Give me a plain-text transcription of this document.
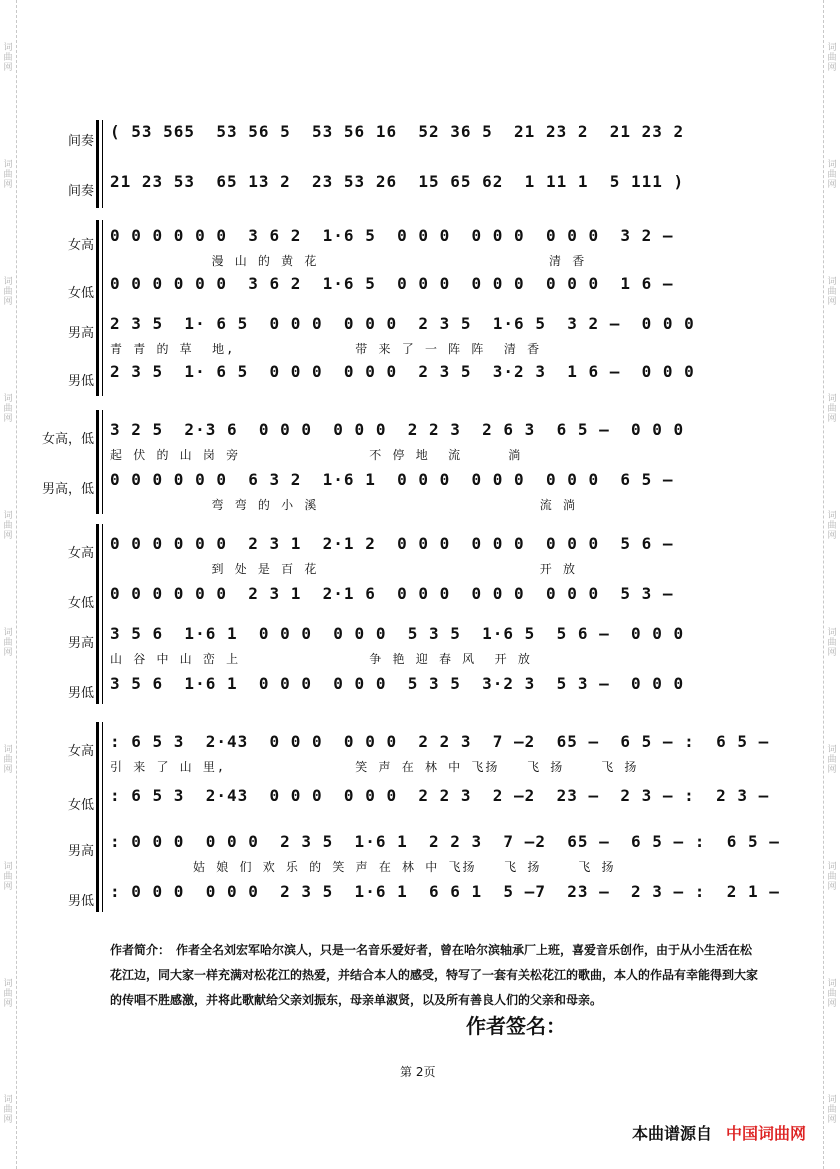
词曲网
词曲网
词曲网
词曲网
词曲网
词曲网
词曲网
词曲网
词曲网
词曲网
词曲网
词曲网
词曲网
词曲网
词曲网
词曲网
词曲网
词曲网
词曲网
词曲网
间奏
( 53 565  53 56 5  53 56 16  52 36 5  21 23 2  21 23 2
间奏
21 23 53  65 13 2  23 53 26  15 65 62  1 11 1  5 111 )
女高
0 0 0 0 0 0  3 6 2  1·6 5  0 0 0  0 0 0  0 0 0  3 2 –
漫 山 的 黄 花                         清 香
女低
0 0 0 0 0 0  3 6 2  1·6 5  0 0 0  0 0 0  0 0 0  1 6 –
男高
2 3 5  1· 6 5  0 0 0  0 0 0  2 3 5  1·6 5  3 2 –  0 0 0
青 青 的 草  地,             带 来 了 一 阵 阵  清 香
男低
2 3 5  1· 6 5  0 0 0  0 0 0  2 3 5  3·2 3  1 6 –  0 0 0
女高，低
3 2 5  2·3 6  0 0 0  0 0 0  2 2 3  2 6 3  6 5 –  0 0 0
起 伏 的 山 岗 旁              不 停 地  流     淌
男高，低
0 0 0 0 0 0  6 3 2  1·6 1  0 0 0  0 0 0  0 0 0  6 5 –
弯 弯 的 小 溪                        流 淌
女高
0 0 0 0 0 0  2 3 1  2·1 2  0 0 0  0 0 0  0 0 0  5 6 –
到 处 是 百 花                        开 放
女低
0 0 0 0 0 0  2 3 1  2·1 6  0 0 0  0 0 0  0 0 0  5 3 –
男高
3 5 6  1·6 1  0 0 0  0 0 0  5 3 5  1·6 5  5 6 –  0 0 0
山 谷 中 山 峦 上              争 艳 迎 春 风  开 放
男低
3 5 6  1·6 1  0 0 0  0 0 0  5 3 5  3·2 3  5 3 –  0 0 0
女高
: 6 5 3  2·43  0 0 0  0 0 0  2 2 3  7 –2  65 –  6 5 – :  6 5 –
引 来 了 山 里,              笑 声 在 林 中 飞扬   飞 扬    飞 扬
女低
: 6 5 3  2·43  0 0 0  0 0 0  2 2 3  2 –2  23 –  2 3 – :  2 3 –
男高
: 0 0 0  0 0 0  2 3 5  1·6 1  2 2 3  7 –2  65 –  6 5 – :  6 5 –
姑 娘 们 欢 乐 的 笑 声 在 林 中 飞扬   飞 扬    飞 扬
男低
: 0 0 0  0 0 0  2 3 5  1·6 1  6 6 1  5 –7  23 –  2 3 – :  2 1 –
作者简介：　作者全名刘宏军哈尔滨人，只是一名音乐爱好者，曾在哈尔滨轴承厂上班，喜爱音乐创作，由于从小生活在松花江边，同大家一样充满对松花江的热爱，并结合本人的感受，特写了一套有关松花江的歌曲，本人的作品有幸能得到大家的传唱不胜感激，并将此歌献给父亲刘振东，母亲单淑贤，以及所有善良人们的父亲和母亲。
作者签名：
第 2页
本曲谱源自 中国词曲网
